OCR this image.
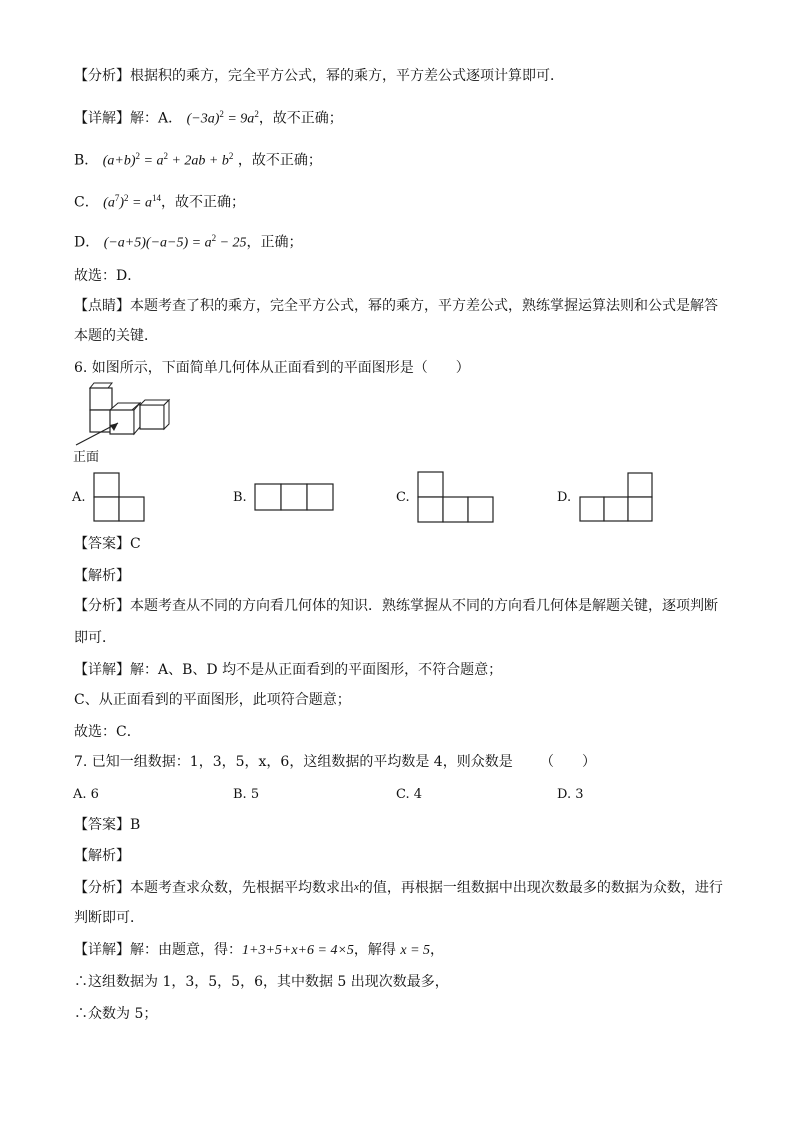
【分析】根据积的乘方，完全平方公式，幂的乘方，平方差公式逐项计算即可．
【详解】解：A． $(-3a)^2 = 9a^2$，故不正确；
B． $(a+b)^2 = a^2 + 2ab + b^2$ ，故不正确；
C． $(a^7)^2 = a^{14}$，故不正确；
D． $(-a+5)(-a-5) = a^2 - 25$，正确；
故选：D．
【点睛】本题考查了积的乘方，完全平方公式，幂的乘方，平方差公式，熟练掌握运算法则和公式是解答
本题的关键．
6. 如图所示，下面简单几何体从正面看到的平面图形是（　　）
正面
A.	B.	C.	D.
【答案】C
【解析】
【分析】本题考查从不同的方向看几何体的知识．熟练掌握从不同的方向看几何体是解题关键，逐项判断
即可．
【详解】解：A、B、D 均不是从正面看到的平面图形，不符合题意；
C、从正面看到的平面图形，此项符合题意；
故选：C．
7. 已知一组数据：1，3，5，x，6，这组数据的平均数是 4，则众数是 （　　）
A. 6	B. 5	C. 4	D. 3
【答案】B
【解析】
【分析】本题考查求众数，先根据平均数求出x的值，再根据一组数据中出现次数最多的数据为众数，进行
判断即可．
【详解】解：由题意，得：1+3+5+x+6 = 4×5，解得 x = 5，
∴这组数据为 1，3，5，5，6，其中数据 5 出现次数最多，
∴众数为 5；
